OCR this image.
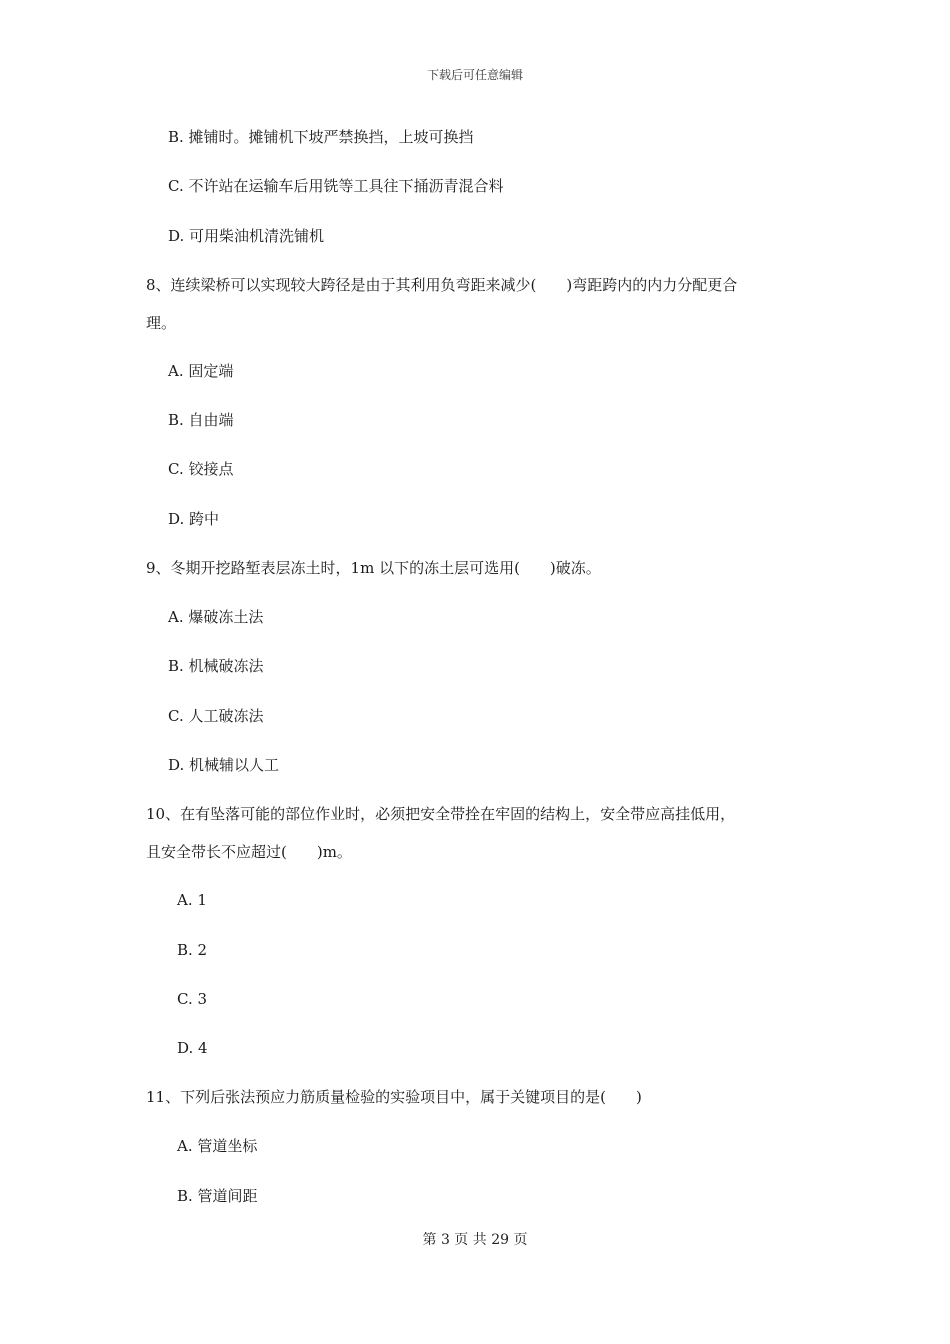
下载后可任意编辑
B. 摊铺时。摊铺机下坡严禁换挡，上坡可换挡
C. 不许站在运输车后用铣等工具往下捅沥青混合料
D. 可用柴油机清洗铺机
8、连续梁桥可以实现较大跨径是由于其利用负弯距来减少(　　)弯距跨内的内力分配更合
理。
A. 固定端
B. 自由端
C. 铰接点
D. 跨中
9、冬期开挖路堑表层冻土时，1m 以下的冻土层可选用(　　)破冻。
A. 爆破冻土法
B. 机械破冻法
C. 人工破冻法
D. 机械辅以人工
10、在有坠落可能的部位作业时，必须把安全带拴在牢固的结构上，安全带应高挂低用，
且安全带长不应超过(　　)m。
A. 1
B. 2
C. 3
D. 4
11、下列后张法预应力筋质量检验的实验项目中，属于关键项目的是(　　)
A. 管道坐标
B. 管道间距
第 3 页 共 29 页
